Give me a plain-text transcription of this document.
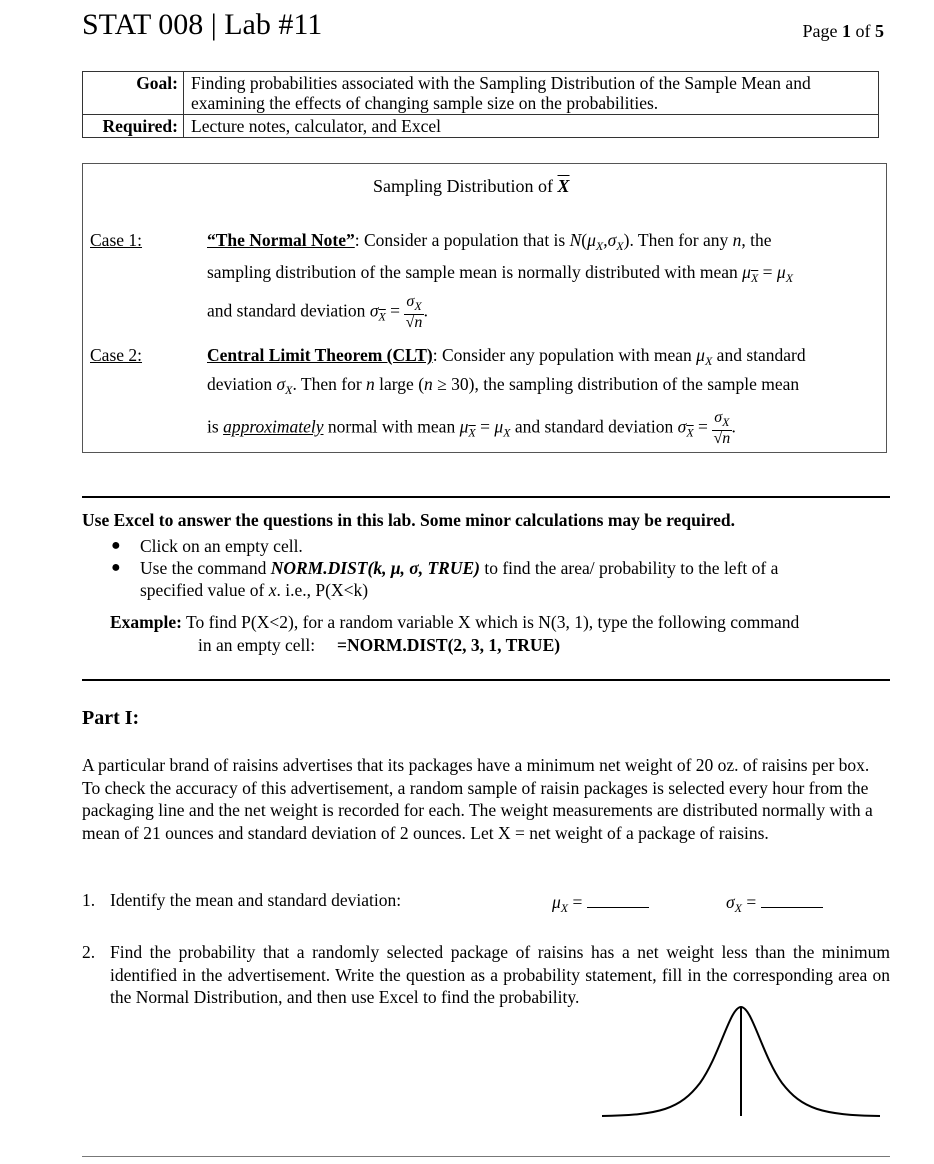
STAT 008 | Lab #11	Page 1 of 5
Goal:	Finding probabilities associated with the Sampling Distribution of the Sample Mean and examining the effects of changing sample size on the probabilities.
Required:	Lecture notes, calculator, and Excel
Sampling Distribution of $\overline{X}$
Case 1:	“The Normal Note”: Consider a population that is $N(\mu_X,\sigma_X)$. Then for any n, the
sampling distribution of the sample mean is normally distributed with mean $\mu_{\overline{X}} = \mu_X$
and standard deviation $\sigma_{\overline{X}} = \frac{\sigma_X}{√n}$ .
Case 2:	Central Limit Theorem (CLT): Consider any population with mean $\mu_X$ and standard
deviation $\sigma_X$. Then for n large (n ≥ 30), the sampling distribution of the sample mean
is approximately normal with mean $\mu_{\overline{X}} = \mu_X$ and standard deviation $\sigma_{\overline{X}} = \frac{\sigma_X}{√n}$ .
Use Excel to answer the questions in this lab. Some minor calculations may be required.
● Click on an empty cell.
● Use the command NORM.DIST(k, μ, σ, TRUE) to find the area/ probability to the left of a
specified value of x. i.e., P(X<k)
Example: To find P(X<2), for a random variable X which is N(3, 1), type the following command
in an empty cell: =NORM.DIST(2, 3, 1, TRUE)
Part I:
A particular brand of raisins advertises that its packages have a minimum net weight of 20 oz. of raisins per box. To check the accuracy of this advertisement, a random sample of raisin packages is selected every hour from the packaging line and the net weight is recorded for each. The weight measurements are distributed normally with a mean of 21 ounces and standard deviation of 2 ounces. Let X = net weight of a package of raisins.
1. Identify the mean and standard deviation:	$\mu_X$ =	$\sigma_X$ =
2. Find the probability that a randomly selected package of raisins has a net weight less than the minimum identified in the advertisement. Write the question as a probability statement, fill in the corresponding area on the Normal Distribution, and then use Excel to find the probability.
